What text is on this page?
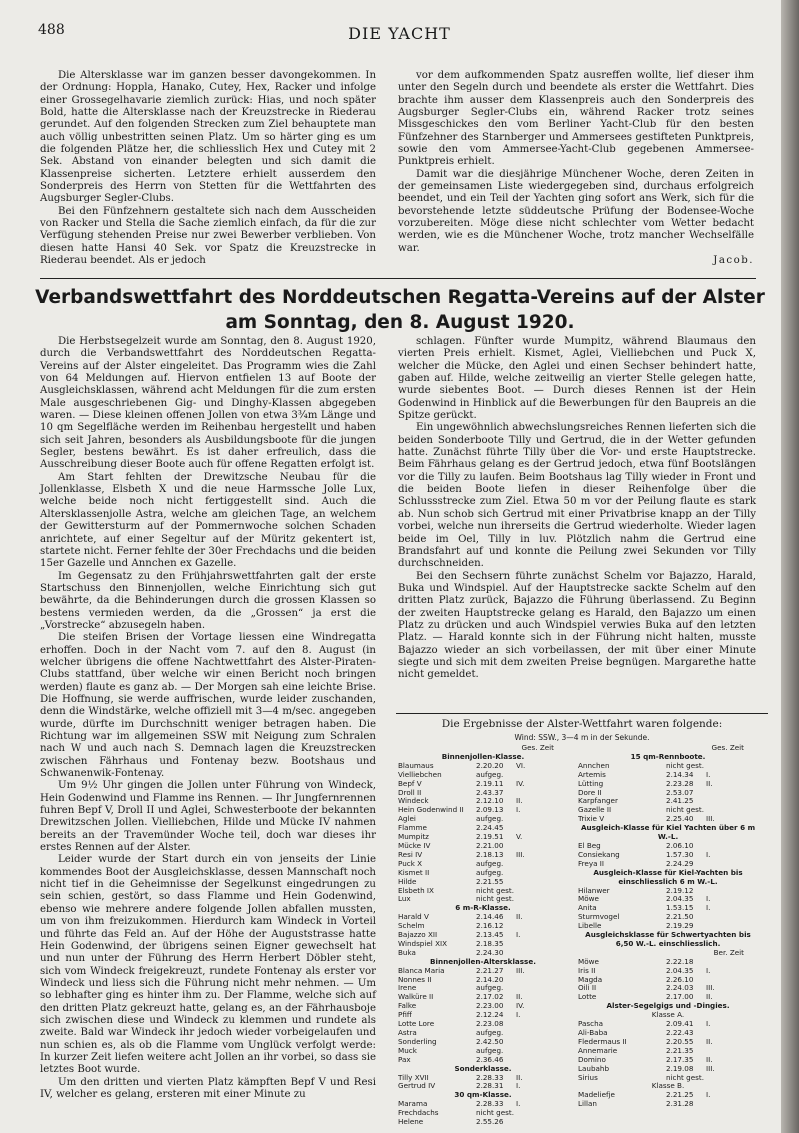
488	DIE YACHT

Die Altersklasse war im ganzen besser davongekommen. In der Ordnung: Hoppla, Hanako, Cutey, Hex, Racker und infolge einer Grossegelhavarie ziemlich zurück: Hias, und noch später Bold, hatte die Altersklasse nach der Kreuzstrecke in Riederau gerundet. Auf den folgenden Strecken zum Ziel behauptete man auch völlig unbestritten seinen Platz. Um so härter ging es um die folgenden Plätze her, die schliesslich Hex und Cutey mit 2 Sek. Abstand von einander belegten und sich damit die Klassenpreise sicherten. Letztere erhielt ausserdem den Sonderpreis des Herrn von Stetten für die Wettfahrten des Augsburger Segler-Clubs.

Bei den Fünfzehnern gestaltete sich nach dem Ausscheiden von Racker und Stella die Sache ziemlich einfach, da für die zur Verfügung stehenden Preise nur zwei Bewerber verblieben. Von diesen hatte Hansi 40 Sek. vor Spatz die Kreuzstrecke in Riederau beendet. Als er jedoch

vor dem aufkommenden Spatz ausreffen wollte, lief dieser ihm unter den Segeln durch und beendete als erster die Wettfahrt. Dies brachte ihm ausser dem Klassenpreis auch den Sonderpreis des Augsburger Segler-Clubs ein, während Racker trotz seines Missgeschickes den vom Berliner Yacht-Club für den besten Fünfzehner des Starnberger und Ammersees gestifteten Punktpreis, sowie den vom Ammersee-Yacht-Club gegebenen Ammersee-Punktpreis erhielt.

Damit war die diesjährige Münchener Woche, deren Zeiten in der gemeinsamen Liste wiedergegeben sind, durchaus erfolgreich beendet, und ein Teil der Yachten ging sofort ans Werk, sich für die bevorstehende letzte süddeutsche Prüfung der Bodensee-Woche vorzubereiten. Möge diese nicht schlechter vom Wetter bedacht werden, wie es die Münchener Woche, trotz mancher Wechselfälle war.

Jacob.

Verbandswettfahrt des Norddeutschen Regatta-Vereins auf der Alster
am Sonntag, den 8. August 1920.

Die Herbstsegelzeit wurde am Sonntag, den 8. August 1920, durch die Verbandswettfahrt des Norddeutschen Regatta-Vereins auf der Alster eingeleitet. Das Programm wies die Zahl von 64 Meldungen auf. Hiervon entfielen 13 auf Boote der Ausgleichsklassen, während acht Meldungen für die zum ersten Male ausgeschriebenen Gig- und Dinghy-Klassen abgegeben waren. — Diese kleinen offenen Jollen von etwa 3¾m Länge und 10 qm Segelfläche werden im Reihenbau hergestellt und haben sich seit Jahren, besonders als Ausbildungsboote für die jungen Segler, bestens bewährt. Es ist daher erfreulich, dass die Ausschreibung dieser Boote auch für offene Regatten erfolgt ist.

Am Start fehlten der Drewitzsche Neubau für die Jollenklasse, Elsbeth X und die neue Harmssche Jolle Lux, welche beide noch nicht fertiggestellt sind. Auch die Altersklassenjolle Astra, welche am gleichen Tage, an welchem der Gewittersturm auf der Pommernwoche solchen Schaden anrichtete, auf einer Segeltur auf der Müritz gekentert ist, startete nicht. Ferner fehlte der 30er Frechdachs und die beiden 15er Gazelle und Annchen ex Gazelle.

Im Gegensatz zu den Frühjahrswettfahrten galt der erste Startschuss den Binnenjollen, welche Einrichtung sich gut bewährte, da die Behinderungen durch die grossen Klassen so bestens vermieden werden, da die „Grossen“ ja erst die „Vorstrecke“ abzusegeln haben.

Die steifen Brisen der Vortage liessen eine Windregatta erhoffen. Doch in der Nacht vom 7. auf den 8. August (in welcher übrigens die offene Nachtwettfahrt des Alster-Piraten-Clubs stattfand, über welche wir einen Bericht noch bringen werden) flaute es ganz ab. — Der Morgen sah eine leichte Brise. Die Hoffnung, sie werde auffrischen, wurde leider zuschanden, denn die Windstärke, welche offiziell mit 3—4 m/sec. angegeben wurde, dürfte im Durchschnitt weniger betragen haben. Die Richtung war im allgemeinen SSW mit Neigung zum Schralen nach W und auch nach S. Demnach lagen die Kreuzstrecken zwischen Fährhaus und Fontenay bezw. Bootshaus und Schwanenwik-Fontenay.

Um 9½ Uhr gingen die Jollen unter Führung von Windeck, Hein Godenwind und Flamme ins Rennen. — Ihr Jungfernrennen fuhren Bepf V, Droll II und Aglei, Schwesterboote der bekannten Drewitzschen Jollen. Vielliebchen, Hilde und Mücke IV nahmen bereits an der Travemünder Woche teil, doch war dieses ihr erstes Rennen auf der Alster.

Leider wurde der Start durch ein von jenseits der Linie kommendes Boot der Ausgleichsklasse, dessen Mannschaft noch nicht tief in die Geheimnisse der Segelkunst eingedrungen zu sein schien, gestört, so dass Flamme und Hein Godenwind, ebenso wie mehrere andere folgende Jollen abfallen mussten, um von ihm freizukommen. Hierdurch kam Windeck in Vorteil und führte das Feld an. Auf der Höhe der Auguststrasse hatte Hein Godenwind, der übrigens seinen Eigner gewechselt hat und nun unter der Führung des Herrn Herbert Döbler steht, sich vom Windeck freigekreuzt, rundete Fontenay als erster vor Windeck und liess sich die Führung nicht mehr nehmen. — Um so lebhafter ging es hinter ihm zu. Der Flamme, welche sich auf den dritten Platz gekreuzt hatte, gelang es, an der Fährhausboje sich zwischen diese und Windeck zu klemmen und rundete als zweite. Bald war Windeck ihr jedoch wieder vorbeigelaufen und nun schien es, als ob die Flamme vom Unglück verfolgt werde: In kurzer Zeit liefen weitere acht Jollen an ihr vorbei, so dass sie letztes Boot wurde.

Um den dritten und vierten Platz kämpften Bepf V und Resi IV, welcher es gelang, ersteren mit einer Minute zu

schlagen. Fünfter wurde Mumpitz, während Blaumaus den vierten Preis erhielt. Kismet, Aglei, Vielliebchen und Puck X, welcher die Mücke, den Aglei und einen Sechser behindert hatte, gaben auf. Hilde, welche zeitweilig an vierter Stelle gelegen hatte, wurde siebentes Boot. — Durch dieses Rennen ist der Hein Godenwind in Hinblick auf die Bewerbungen für den Baupreis an die Spitze gerückt.

Ein ungewöhnlich abwechslungsreiches Rennen lieferten sich die beiden Sonderboote Tilly und Gertrud, die in der Wetter gefunden hatte. Zunächst führte Tilly über die Vor- und erste Hauptstrecke. Beim Fährhaus gelang es der Gertrud jedoch, etwa fünf Bootslängen vor die Tilly zu laufen. Beim Bootshaus lag Tilly wieder in Front und die beiden Boote liefen in dieser Reihenfolge über die Schlussstrecke zum Ziel. Etwa 50 m vor der Peilung flaute es stark ab. Nun schob sich Gertrud mit einer Privatbrise knapp an der Tilly vorbei, welche nun ihrerseits die Gertrud wiederholte. Wieder lagen beide im Oel, Tilly in luv. Plötzlich nahm die Gertrud eine Brandsfahrt auf und konnte die Peilung zwei Sekunden vor Tilly durchschneiden.

Bei den Sechsern führte zunächst Schelm vor Bajazzo, Harald, Buka und Windspiel. Auf der Hauptstrecke sackte Schelm auf den dritten Platz zurück, Bajazzo die Führung überlassend. Zu Beginn der zweiten Hauptstrecke gelang es Harald, den Bajazzo um einen Platz zu drücken und auch Windspiel verwies Buka auf den letzten Platz. — Harald konnte sich in der Führung nicht halten, musste Bajazzo wieder an sich vorbeilassen, der mit über einer Minute siegte und sich mit dem zweiten Preise begnügen. Margarethe hatte nicht gemeldet.

Die Ergebnisse der Alster-Wettfahrt waren folgende:
Wind: SSW., 3—4 m in der Sekunde.
Ges. Zeit
Binnenjollen-Klasse.
Blaumaus	2.20.20	VI.
Vielliebchen	aufgeg.
Bepf V	2.19.11	IV.
Droll II	2.43.37
Windeck	2.12.10	II.
Hein Godenwind II	2.09.13	I.
Aglei	aufgeg.
Flamme	2.24.45
Mumpitz	2.19.51	V.
Mücke IV	2.21.00
Resi IV	2.18.13	III.
Puck X	aufgeg.
Kismet II	aufgeg.
Hilde	2.21.55
Elsbeth IX	nicht gest.
Lux	nicht gest.
6 m-R-Klasse.
Harald V	2.14.46	II.
Schelm	2.16.12
Bajazzo XII	2.13.45	I.
Windspiel XIX	2.18.35
Buka	2.24.30
Binnenjollen-Altersklasse.
Blanca Maria	2.21.27	III.
Nonnes II	2.14.20
Irene	aufgeg.
Walküre II	2.17.02	II.
Falke	2.23.00	IV.
Pfiff	2.12.24	I.
Lotte Lore	2.23.08
Astra	aufgeg.
Sonderling	2.42.50
Muck	aufgeg.
Pax	2.36.46
Sonderklasse.
Tilly XVII	2.28.33	II.
Gertrud IV	2.28.31	I.
30 qm-Klasse.
Marama	2.28.33	I.
Frechdachs	nicht gest.
Helene	2.55.26
Ges. Zeit
15 qm-Rennboote.
Annchen	nicht gest.
Artemis	2.14.34	I.
Lütting	2.23.28	II.
Dore II	2.53.07
Karpfanger	2.41.25
Gazelle II	nicht gest.
Trixie V	2.25.40	III.
Ausgleich-Klasse für Kiel Yachten über 6 m W.-L.
El Beg	2.06.10
Consiekang	1.57.30	I.
Freya II	2.24.29
Ausgleich-Klasse für Kiel-Yachten bis einschliesslich 6 m W.-L.
Hilanwer	2.19.12
Möwe	2.04.35	I.
Anita	1.53.15	I.
Sturmvogel	2.21.50
Libelle	2.19.29
Ausgleichsklasse für Schwertyachten bis 6,50 W.-L. einschliesslich.
Ber. Zeit
Möwe	2.22.18
Iris II	2.04.35	I.
Magda	2.26.10
Oili II	2.24.03	III.
Lotte	2.17.00	II.
Alster-Segelgigs und -Dingies.
Klasse A.
Pascha	2.09.41	I.
Ali-Baba	2.22.43
Fledermaus II	2.20.55	II.
Annemarie	2.21.35
Domino	2.17.35	II.
Laubahb	2.19.08	III.
Sirius	nicht gest.
Klasse B.
Madeliefje	2.21.25	I.
Lillan	2.31.28
